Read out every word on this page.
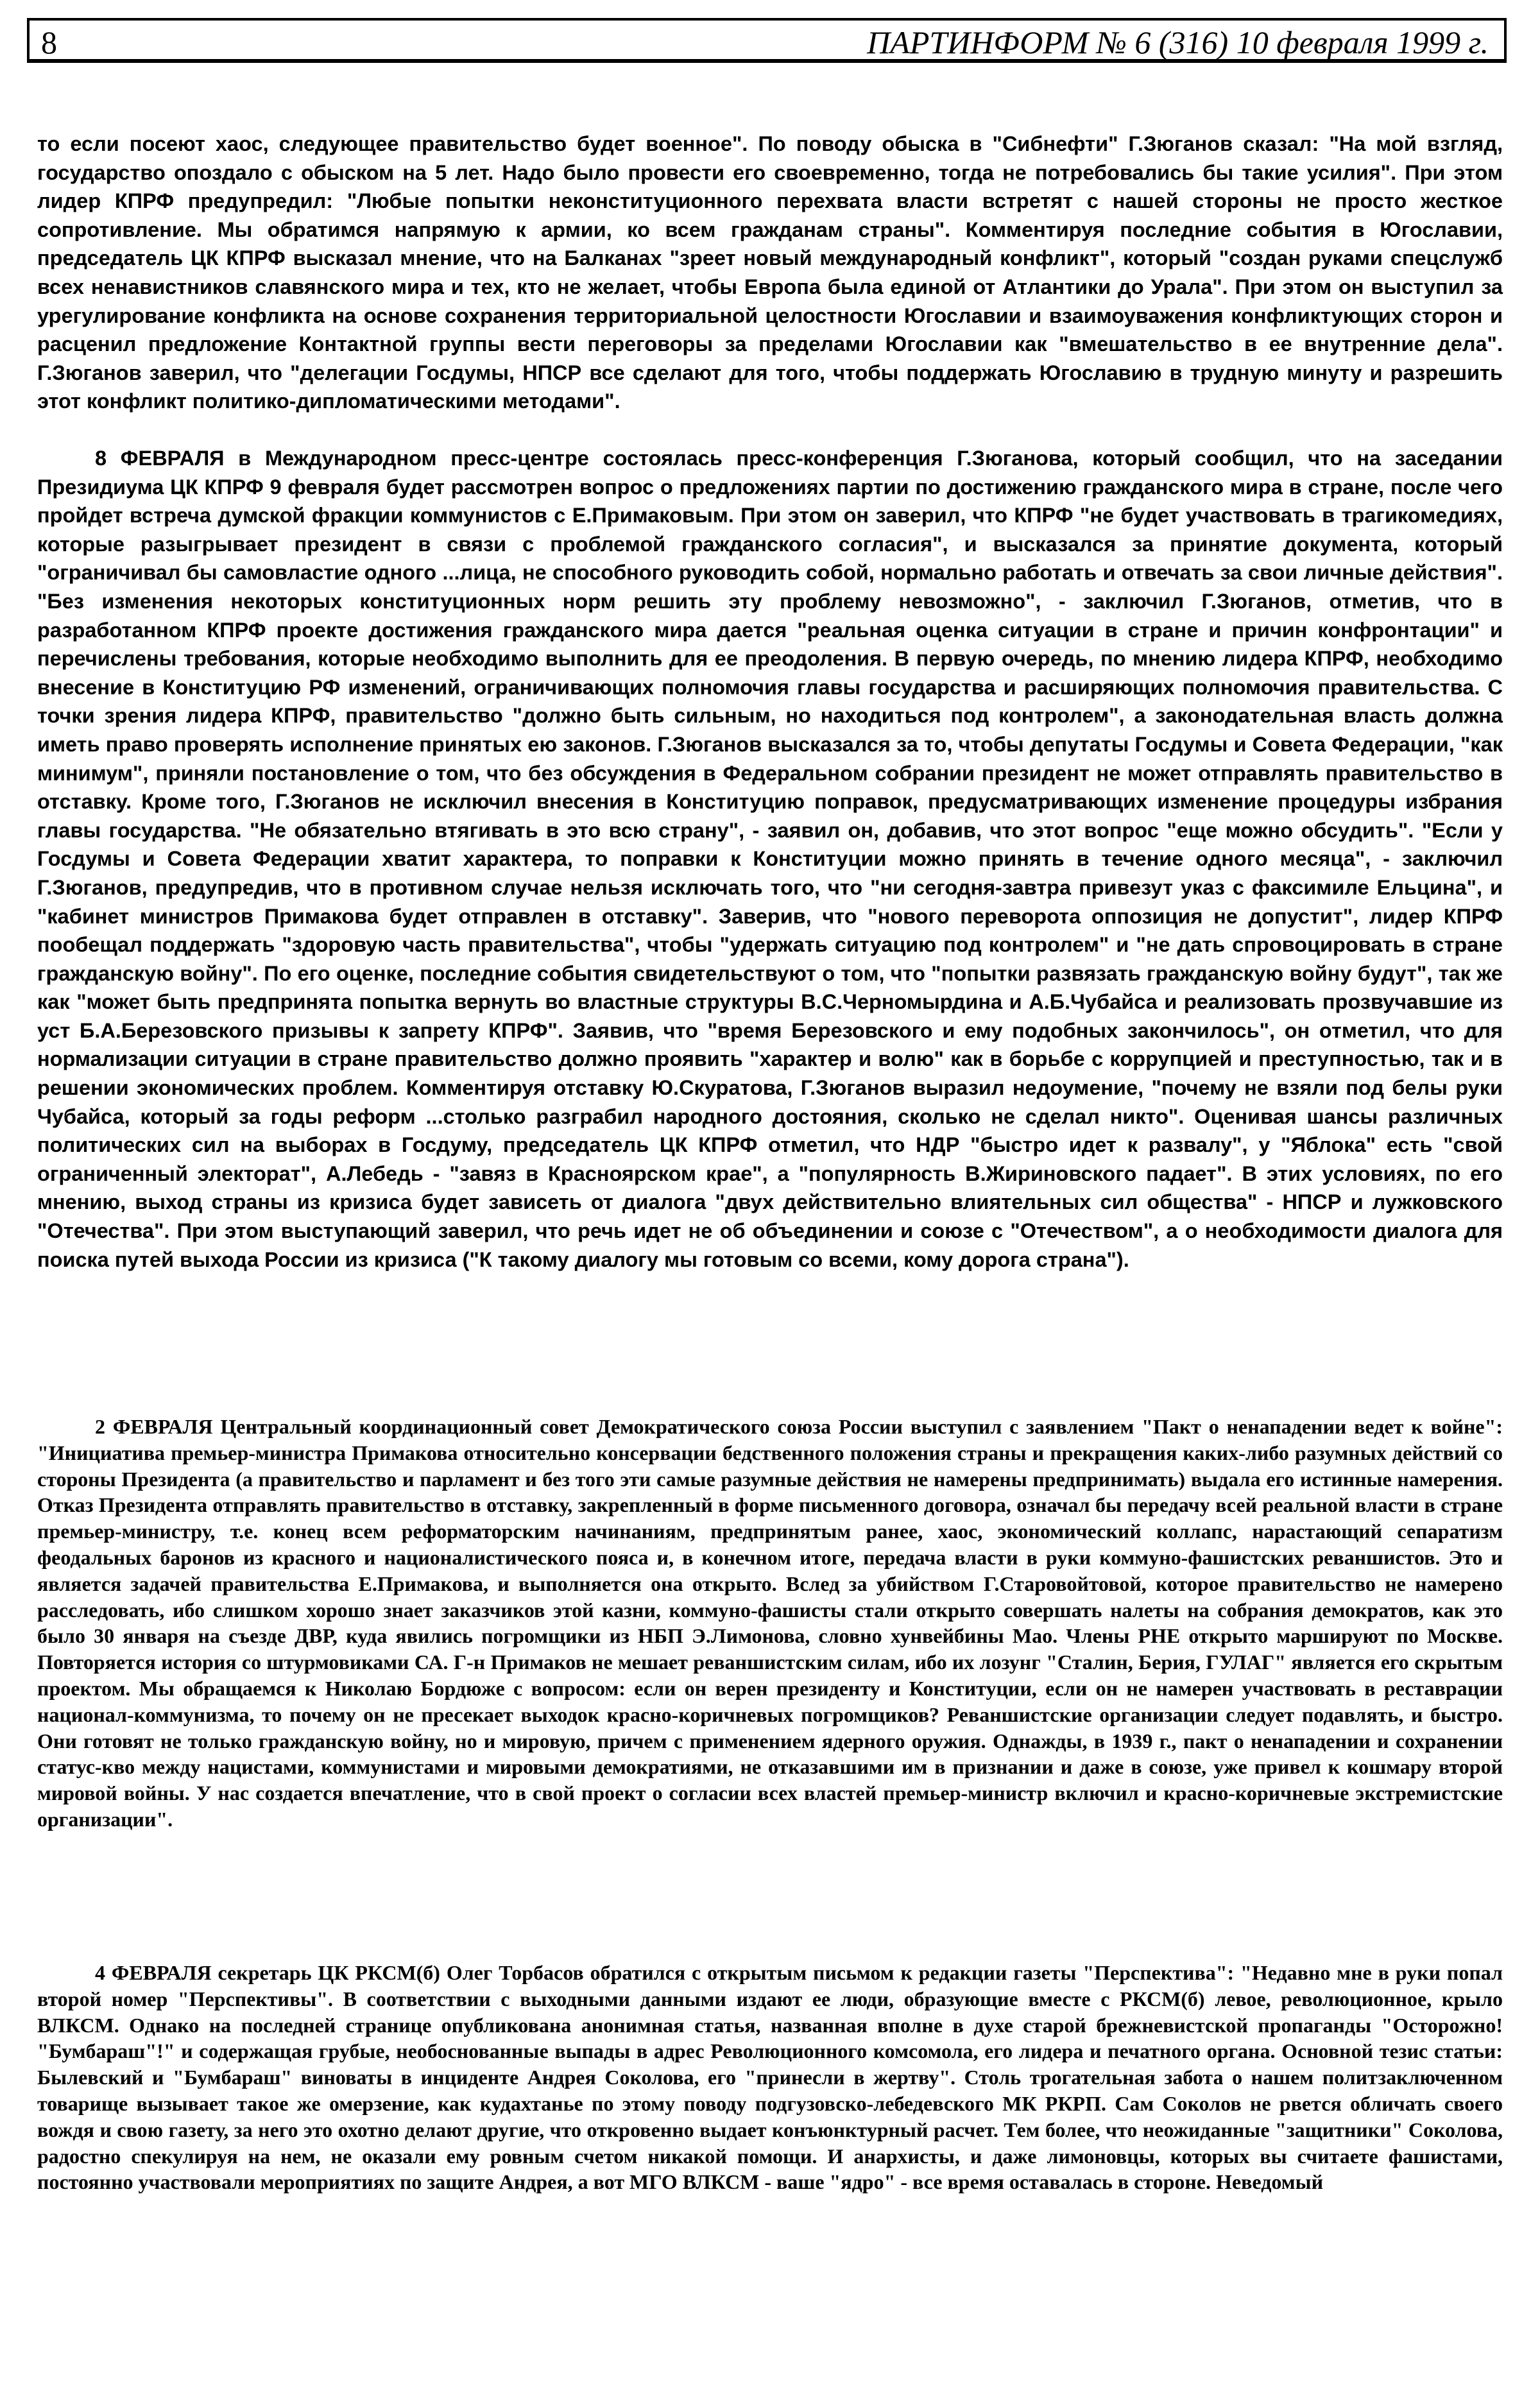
8	ПАРТИНФОРМ № 6 (316) 10 февраля 1999 г.

то если посеют хаос, следующее правительство будет военное". По поводу обыска в "Сибнефти" Г.Зюганов сказал: "На мой взгляд, государство опоздало с обыском на 5 лет. Надо было провести его своевременно, тогда не потребовались бы такие усилия". При этом лидер КПРФ предупредил: "Любые попытки неконституционного перехвата власти встретят с нашей стороны не просто жесткое сопротивление. Мы обратимся напрямую к армии, ко всем гражданам страны". Комментируя последние события в Югославии, председатель ЦК КПРФ высказал мнение, что на Балканах "зреет новый международный конфликт", который "создан руками спецслужб всех ненавистников славянского мира и тех, кто не желает, чтобы Европа была единой от Атлантики до Урала". При этом он выступил за урегулирование конфликта на основе сохранения территориальной целостности Югославии и взаимоуважения конфликтующих сторон и расценил предложение Контактной группы вести переговоры за пределами Югославии как "вмешательство в ее внутренние дела". Г.Зюганов заверил, что "делегации Госдумы, НПСР все сделают для того, чтобы поддержать Югославию в трудную минуту и разрешить этот конфликт политико-дипломатическими методами".

8 ФЕВРАЛЯ в Международном пресс-центре состоялась пресс-конференция Г.Зюганова, который сообщил, что на заседании Президиума ЦК КПРФ 9 февраля будет рассмотрен вопрос о предложениях партии по достижению гражданского мира в стране, после чего пройдет встреча думской фракции коммунистов с Е.Примаковым. При этом он заверил, что КПРФ "не будет участвовать в трагикомедиях, которые разыгрывает президент в связи с проблемой гражданского согласия", и высказался за принятие документа, который "ограничивал бы самовластие одного ...лица, не способного руководить собой, нормально работать и отвечать за свои личные действия". "Без изменения некоторых конституционных норм решить эту проблему невозможно", - заключил Г.Зюганов, отметив, что в разработанном КПРФ проекте достижения гражданского мира дается "реальная оценка ситуации в стране и причин конфронтации" и перечислены требования, которые необходимо выполнить для ее преодоления. В первую очередь, по мнению лидера КПРФ, необходимо внесение в Конституцию РФ изменений, ограничивающих полномочия главы государства и расширяющих полномочия правительства. С точки зрения лидера КПРФ, правительство "должно быть сильным, но находиться под контролем", а законодательная власть должна иметь право проверять исполнение принятых ею законов. Г.Зюганов высказался за то, чтобы депутаты Госдумы и Совета Федерации, "как минимум", приняли постановление о том, что без обсуждения в Федеральном собрании президент не может отправлять правительство в отставку. Кроме того, Г.Зюганов не исключил внесения в Конституцию поправок, предусматривающих изменение процедуры избрания главы государства. "Не обязательно втягивать в это всю страну", - заявил он, добавив, что этот вопрос "еще можно обсудить". "Если у Госдумы и Совета Федерации хватит характера, то поправки к Конституции можно принять в течение одного месяца", - заключил Г.Зюганов, предупредив, что в противном случае нельзя исключать того, что "ни сегодня-завтра привезут указ с факсимиле Ельцина", и "кабинет министров Примакова будет отправлен в отставку". Заверив, что "нового переворота оппозиция не допустит", лидер КПРФ пообещал поддержать "здоровую часть правительства", чтобы "удержать ситуацию под контролем" и "не дать спровоцировать в стране гражданскую войну". По его оценке, последние события свидетельствуют о том, что "попытки развязать гражданскую войну будут", так же как "может быть предпринята попытка вернуть во властные структуры В.С.Черномырдина и А.Б.Чубайса и реализовать прозвучавшие из уст Б.А.Березовского призывы к запрету КПРФ". Заявив, что "время Березовского и ему подобных закончилось", он отметил, что для нормализации ситуации в стране правительство должно проявить "характер и волю" как в борьбе с коррупцией и преступностью, так и в решении экономических проблем. Комментируя отставку Ю.Скуратова, Г.Зюганов выразил недоумение, "почему не взяли под белы руки Чубайса, который за годы реформ ...столько разграбил народного достояния, сколько не сделал никто". Оценивая шансы различных политических сил на выборах в Госдуму, председатель ЦК КПРФ отметил, что НДР "быстро идет к развалу", у "Яблока" есть "свой ограниченный электорат", А.Лебедь - "завяз в Красноярском крае", а "популярность В.Жириновского падает". В этих условиях, по его мнению, выход страны из кризиса будет зависеть от диалога "двух действительно влиятельных сил общества" - НПСР и лужковского "Отечества". При этом выступающий заверил, что речь идет не об объединении и союзе с "Отечеством", а о необходимости диалога для поиска путей выхода России из кризиса ("К такому диалогу мы готовым со всеми, кому дорога страна").

2 ФЕВРАЛЯ Центральный координационный совет Демократического союза России выступил с заявлением "Пакт о ненападении ведет к войне": "Инициатива премьер-министра Примакова относительно консервации бедственного положения страны и прекращения каких-либо разумных действий со стороны Президента (а правительство и парламент и без того эти самые разумные действия не намерены предпринимать) выдала его истинные намерения. Отказ Президента отправлять правительство в отставку, закрепленный в форме письменного договора, означал бы передачу всей реальной власти в стране премьер-министру, т.е. конец всем реформаторским начинаниям, предпринятым ранее, хаос, экономический коллапс, нарастающий сепаратизм феодальных баронов из красного и националистического пояса и, в конечном итоге, передача власти в руки коммуно-фашистских реваншистов. Это и является задачей правительства Е.Примакова, и выполняется она открыто. Вслед за убийством Г.Старовойтовой, которое правительство не намерено расследовать, ибо слишком хорошо знает заказчиков этой казни, коммуно-фашисты стали открыто совершать налеты на собрания демократов, как это было 30 января на съезде ДВР, куда явились погромщики из НБП Э.Лимонова, словно хунвейбины Мао. Члены РНЕ открыто маршируют по Москве. Повторяется история со штурмовиками СА. Г-н Примаков не мешает реваншистским силам, ибо их лозунг "Сталин, Берия, ГУЛАГ" является его скрытым проектом. Мы обращаемся к Николаю Бордюже с вопросом: если он верен президенту и Конституции, если он не намерен участвовать в реставрации национал-коммунизма, то почему он не пресекает выходок красно-коричневых погромщиков? Реваншистские организации следует подавлять, и быстро. Они готовят не только гражданскую войну, но и мировую, причем с применением ядерного оружия. Однажды, в 1939 г., пакт о ненападении и сохранении статус-кво между нацистами, коммунистами и мировыми демократиями, не отказавшими им в признании и даже в союзе, уже привел к кошмару второй мировой войны. У нас создается впечатление, что в свой проект о согласии всех властей премьер-министр включил и красно-коричневые экстремистские организации".

4 ФЕВРАЛЯ секретарь ЦК РКСМ(б) Олег Торбасов обратился с открытым письмом к редакции газеты "Перспектива": "Недавно мне в руки попал второй номер "Перспективы". В соответствии с выходными данными издают ее люди, образующие вместе с РКСМ(б) левое, революционное, крыло ВЛКСМ. Однако на последней странице опубликована анонимная статья, названная вполне в духе старой брежневистской пропаганды "Осторожно! "Бумбараш"!" и содержащая грубые, необоснованные выпады в адрес Революционного комсомола, его лидера и печатного органа. Основной тезис статьи: Былевский и "Бумбараш" виноваты в инциденте Андрея Соколова, его "принесли в жертву". Столь трогательная забота о нашем политзаключенном товарище вызывает такое же омерзение, как кудахтанье по этому поводу подгузовско-лебедевского МК РКРП. Сам Соколов не рвется обличать своего вождя и свою газету, за него это охотно делают другие, что откровенно выдает конъюнктурный расчет. Тем более, что неожиданные "защитники" Соколова, радостно спекулируя на нем, не оказали ему ровным счетом никакой помощи. И анархисты, и даже лимоновцы, которых вы считаете фашистами, постоянно участвовали мероприятиях по защите Андрея, а вот МГО ВЛКСМ - ваше "ядро" - все время оставалась в стороне. Неведомый
